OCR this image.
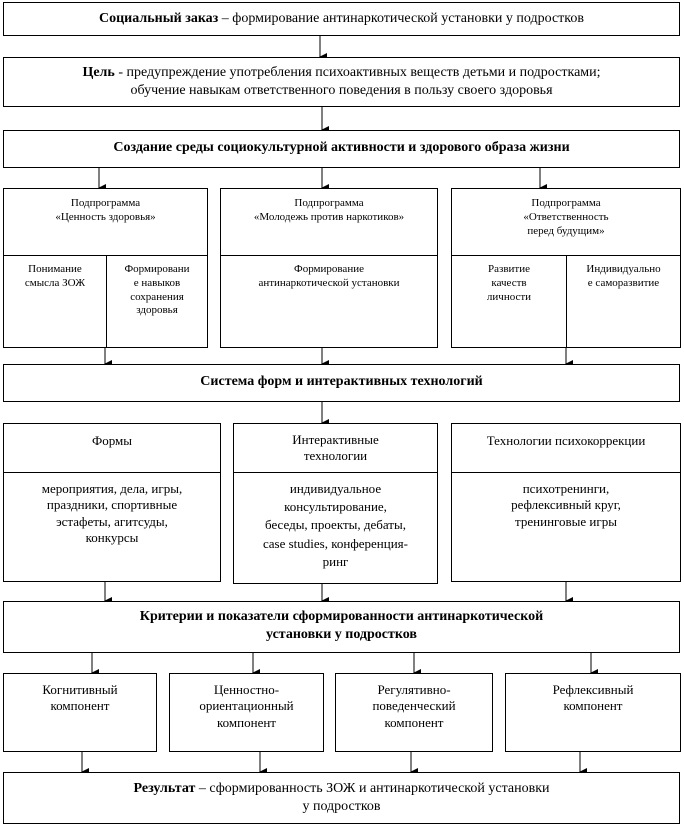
Социальный заказ – формирование антинаркотической установки у подростков
Цель - предупреждение употребления психоактивных веществ детьми и подростками;
обучение навыкам ответственного поведения в пользу своего здоровья
Создание среды социокультурной активности и здорового образа жизни
Подпрограмма
«Ценность здоровья»
Понимание
смысла ЗОЖ
Формировани
е навыков
сохранения
здоровья
Подпрограмма
«Молодежь против наркотиков»
Формирование
антинаркотической установки
Подпрограмма
«Ответственность
перед будущим»
Развитие
качеств
личности
Индивидуально
е саморазвитие
Система форм и интерактивных технологий
Формы
мероприятия, дела, игры,
праздники, спортивные
эстафеты, агитсуды,
конкурсы
Интерактивные
технологии
индивидуальное
консультирование,
беседы, проекты, дебаты,
case studies, конференция-
ринг
Технологии психокоррекции
психотренинги,
рефлексивный круг,
тренинговые игры
Критерии и показатели сформированности антинаркотической
установки у подростков
Когнитивный
компонент
Ценностно-
ориентационный
компонент
Регулятивно-
поведенческий
компонент
Рефлексивный
компонент
Результат – сформированность ЗОЖ и антинаркотической установки
у подростков
